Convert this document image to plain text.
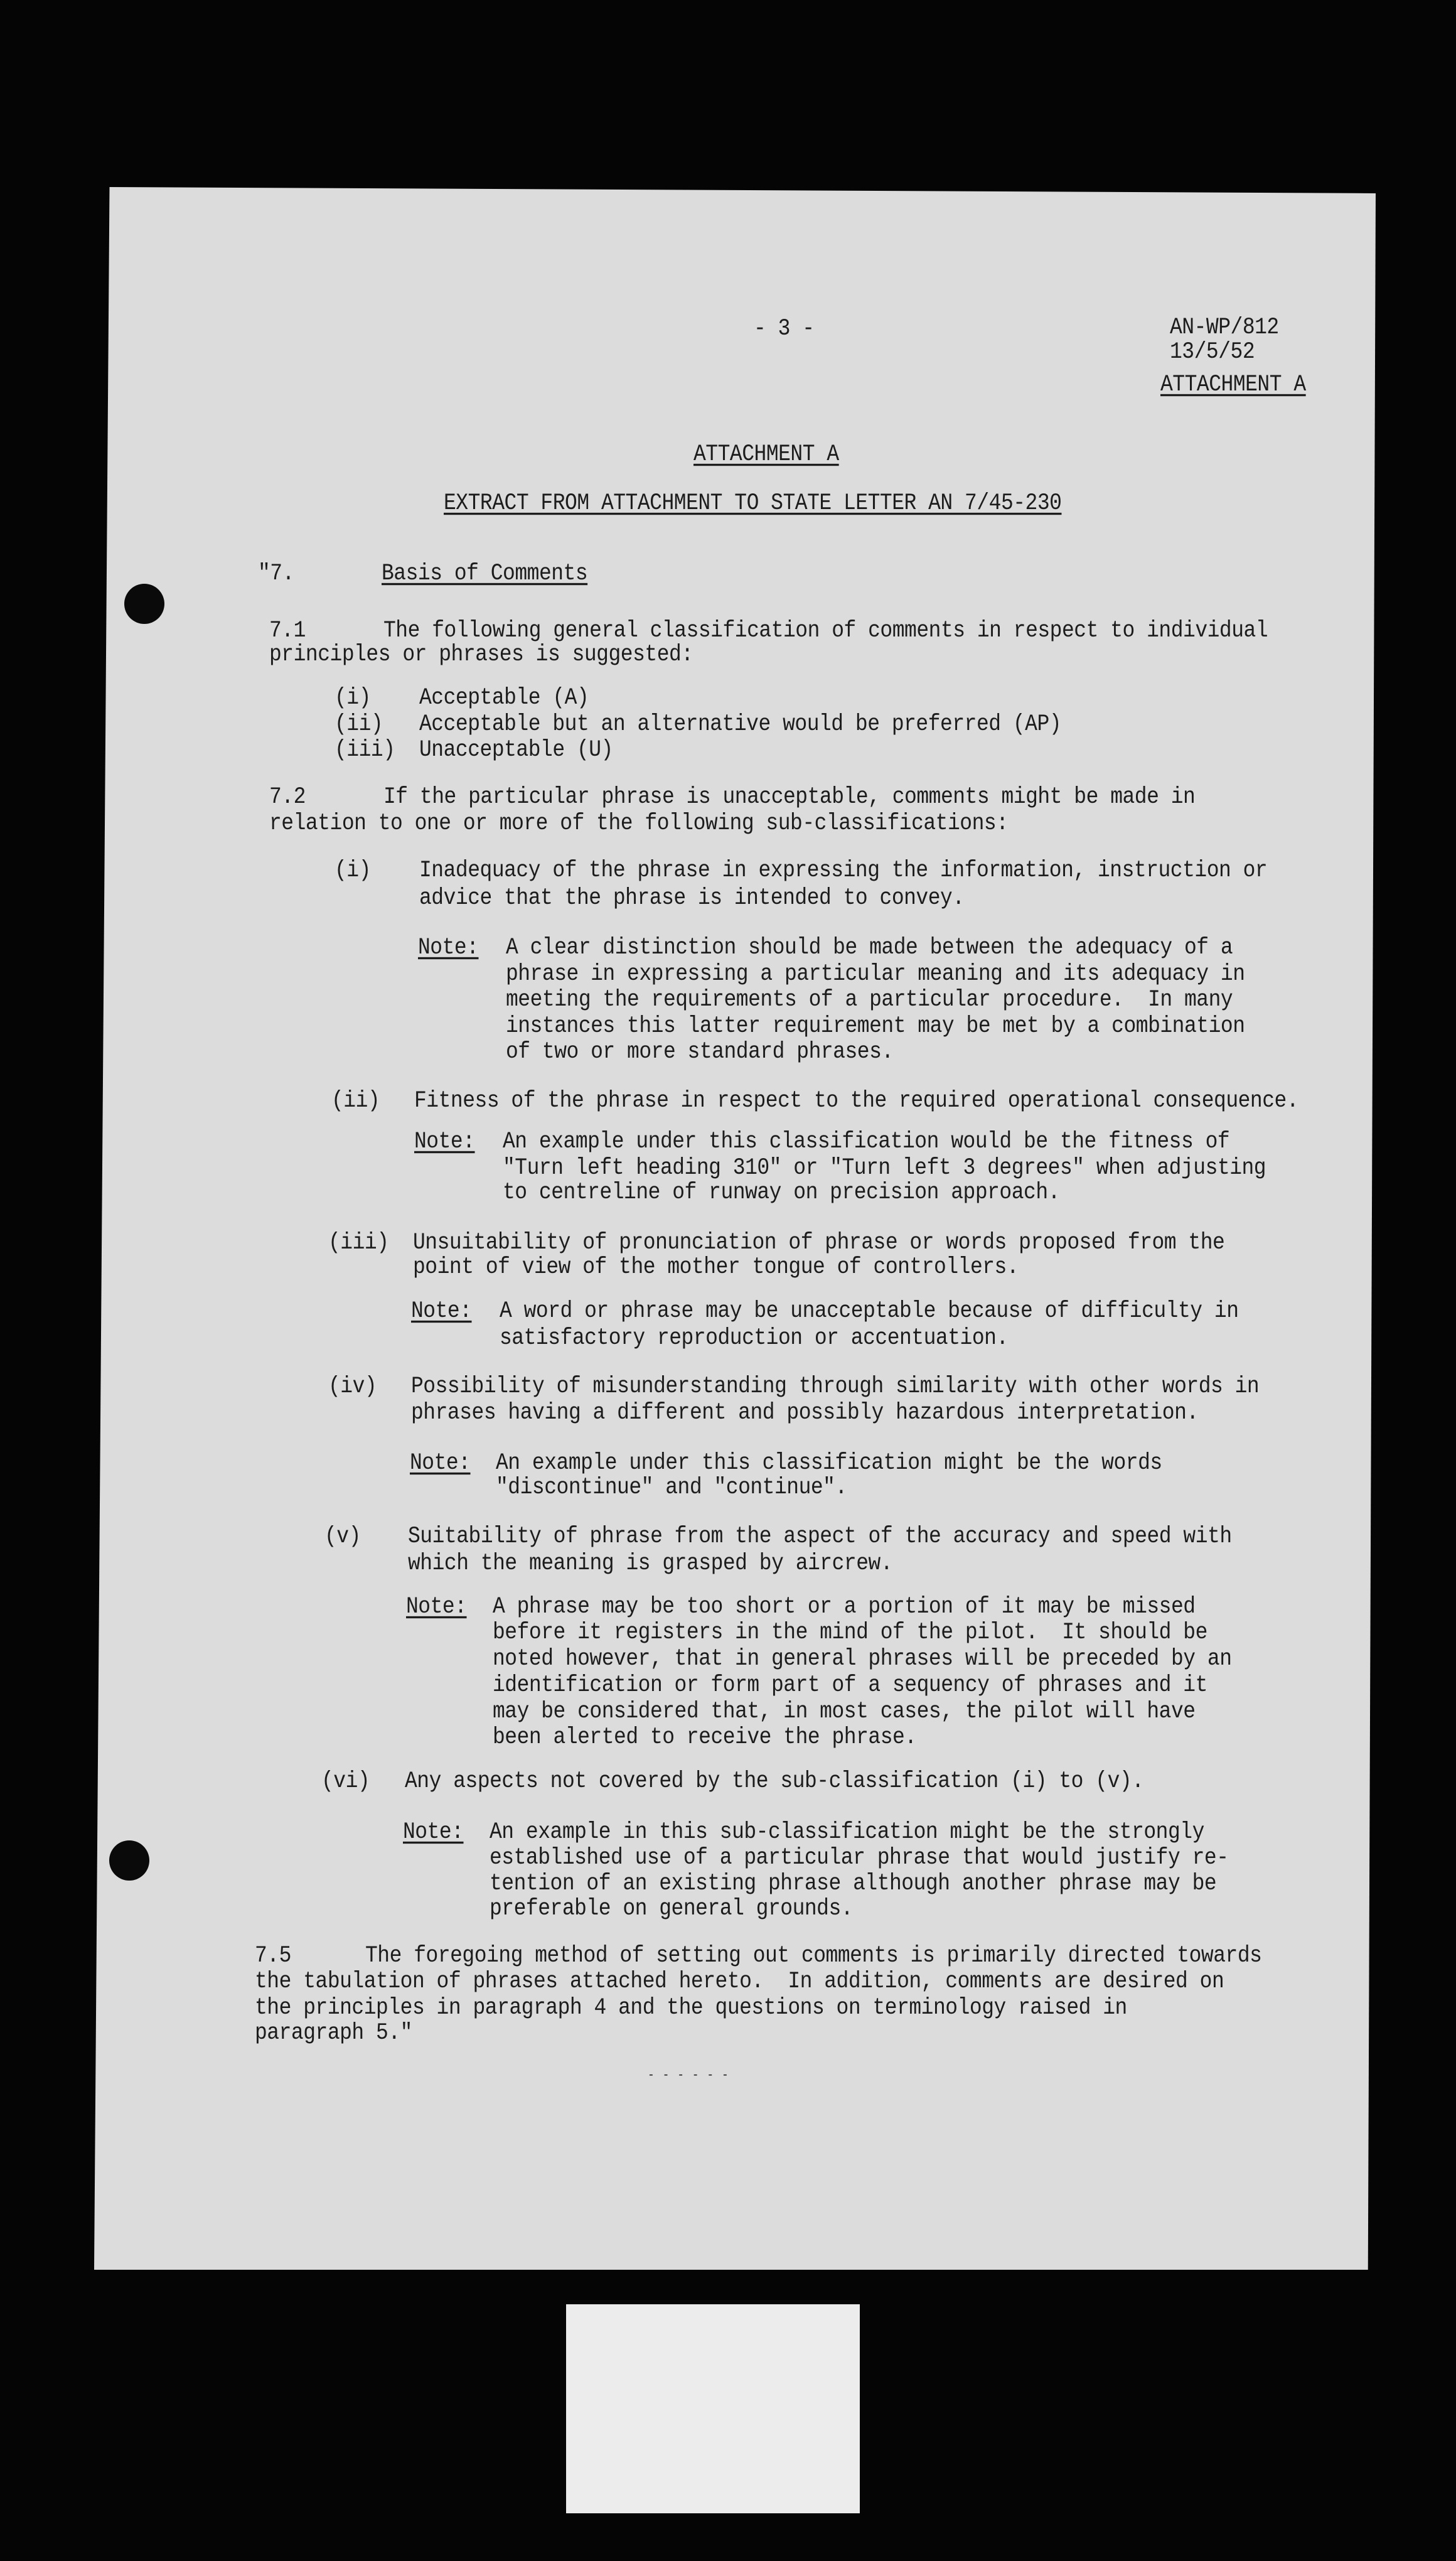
- 3 -	AN-WP/812
13/5/52
ATTACHMENT A
ATTACHMENT A
EXTRACT FROM ATTACHMENT TO STATE LETTER AN 7/45-230
"7.	Basis of Comments
7.1	The following general classification of comments in respect to individual
principles or phrases is suggested:
(i) Acceptable (A)
(ii) Acceptable but an alternative would be preferred (AP)
(iii) Unacceptable (U)
7.2	If the particular phrase is unacceptable, comments might be made in
relation to one or more of the following sub-classifications:
(i) Inadequacy of the phrase in expressing the information, instruction or
advice that the phrase is intended to convey.
Note: A clear distinction should be made between the adequacy of a
phrase in expressing a particular meaning and its adequacy in
meeting the requirements of a particular procedure.  In many
instances this latter requirement may be met by a combination
of two or more standard phrases.
(ii) Fitness of the phrase in respect to the required operational consequence.
Note: An example under this classification would be the fitness of
"Turn left heading 310" or "Turn left 3 degrees" when adjusting
to centreline of runway on precision approach.
(iii) Unsuitability of pronunciation of phrase or words proposed from the
point of view of the mother tongue of controllers.
Note: A word or phrase may be unacceptable because of difficulty in
satisfactory reproduction or accentuation.
(iv) Possibility of misunderstanding through similarity with other words in
phrases having a different and possibly hazardous interpretation.
Note: An example under this classification might be the words
"discontinue" and "continue".
(v) Suitability of phrase from the aspect of the accuracy and speed with
which the meaning is grasped by aircrew.
Note: A phrase may be too short or a portion of it may be missed
before it registers in the mind of the pilot.  It should be
noted however, that in general phrases will be preceded by an
identification or form part of a sequency of phrases and it
may be considered that, in most cases, the pilot will have
been alerted to receive the phrase.
(vi) Any aspects not covered by the sub-classification (i) to (v).
Note: An example in this sub-classification might be the strongly
established use of a particular phrase that would justify re-
tention of an existing phrase although another phrase may be
preferable on general grounds.
7.5	The foregoing method of setting out comments is primarily directed towards
the tabulation of phrases attached hereto.  In addition, comments are desired on
the principles in paragraph 4 and the questions on terminology raised in
paragraph 5."
- - - - - -
